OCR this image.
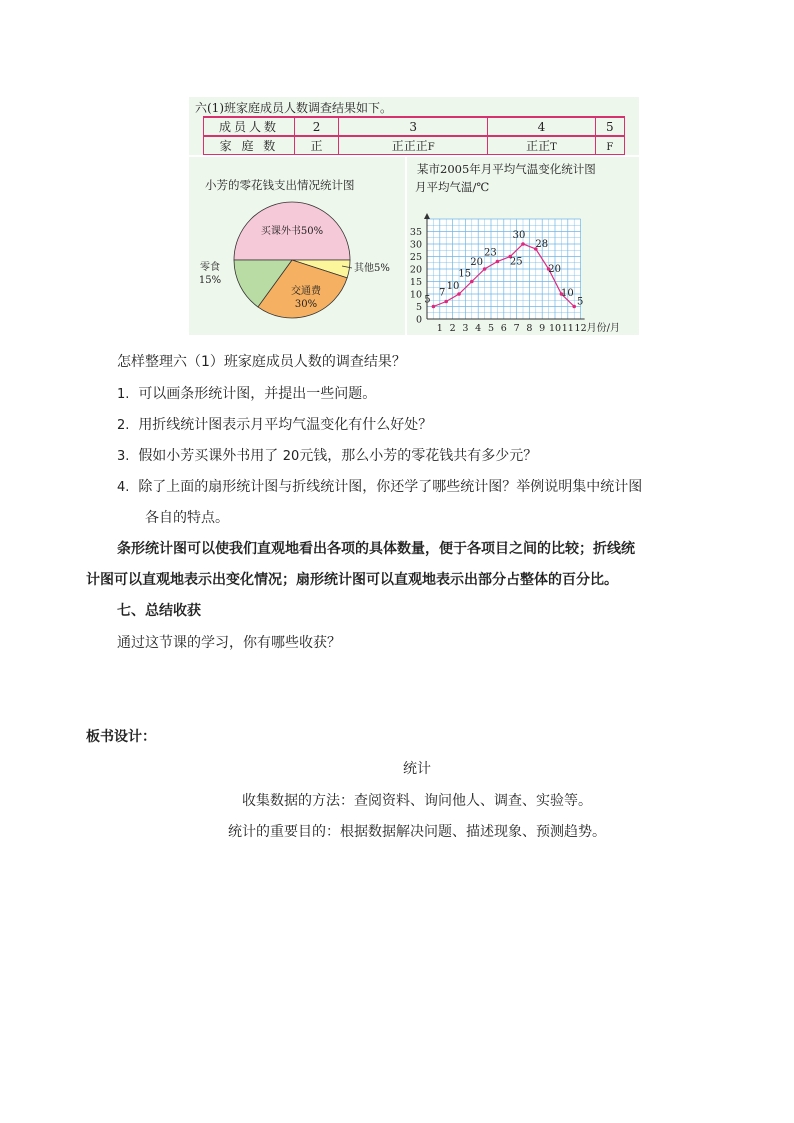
六(1)班家庭成员人数调查结果如下。
成员人数	2	3	4	5
家 庭 数	正	正正正F	正正T	F
小芳的零花钱支出情况统计图
买课外书50%
其他5%
交通费
30%
零食
15%
某市2005年月平均气温变化统计图
月平均气温/℃
0
5
10
15
20
25
30
35
1 2 3 4 5 6 7 8 9 10 11 12 月份/月
5
7
10
15
20
23
25
30
28
20
10
5
怎样整理六（1）班家庭成员人数的调查结果？
1. 可以画条形统计图，并提出一些问题。
2. 用折线统计图表示月平均气温变化有什么好处？
3. 假如小芳买课外书用了 20元钱，那么小芳的零花钱共有多少元？
4. 除了上面的扇形统计图与折线统计图，你还学了哪些统计图？举例说明集中统计图
各自的特点。
条形统计图可以使我们直观地看出各项的具体数量，便于各项目之间的比较；折线统
计图可以直观地表示出变化情况；扇形统计图可以直观地表示出部分占整体的百分比。
七、总结收获
通过这节课的学习，你有哪些收获？
板书设计：
统计
收集数据的方法：查阅资料、询问他人、调查、实验等。
统计的重要目的：根据数据解决问题、描述现象、预测趋势。
